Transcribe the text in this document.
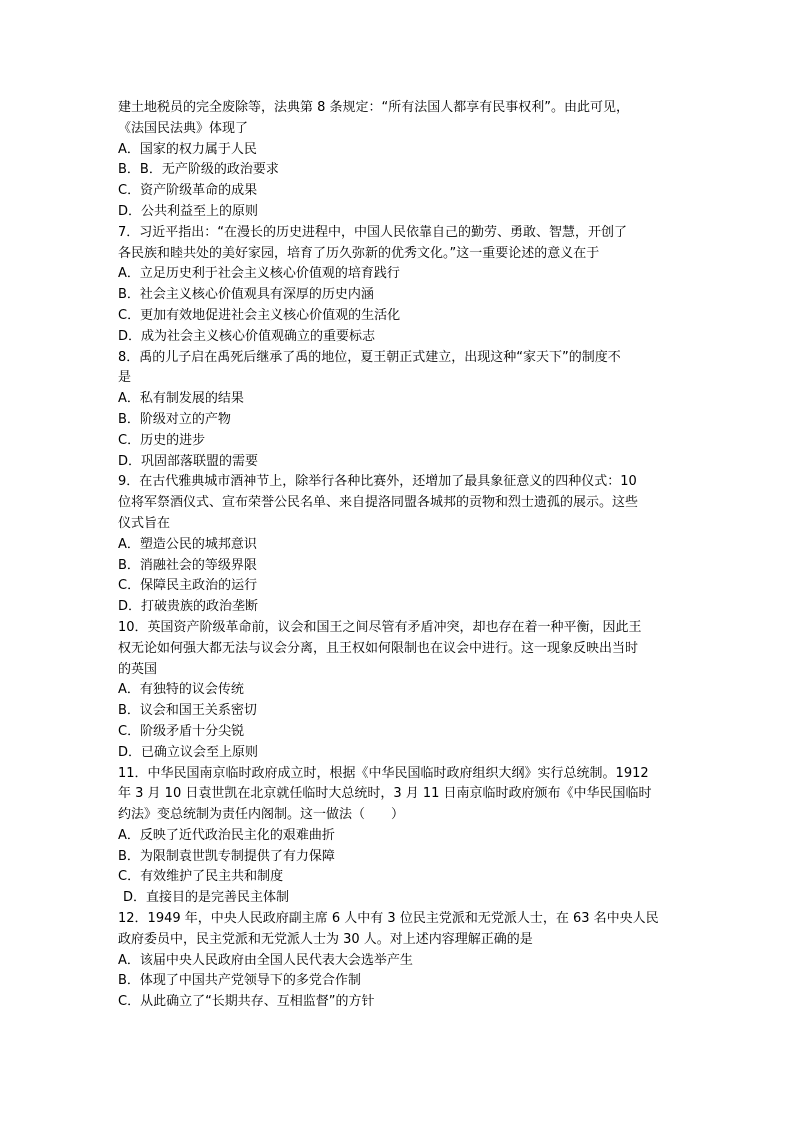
建土地税员的完全废除等，法典第 8 条规定：“所有法国人都享有民事权利”。由此可见，
《法国民法典》体现了
A．国家的权力属于人民
B．B．无产阶级的政治要求
C．资产阶级革命的成果
D．公共利益至上的原则
7．习近平指出：“在漫长的历史进程中，中国人民依靠自己的勤劳、勇敢、智慧，开创了
各民族和睦共处的美好家园，培育了历久弥新的优秀文化。”这一重要论述的意义在于
A．立足历史利于社会主义核心价值观的培育践行
B．社会主义核心价值观具有深厚的历史内涵
C．更加有效地促进社会主义核心价值观的生活化
D．成为社会主义核心价值观确立的重要标志
8．禹的儿子启在禹死后继承了禹的地位，夏王朝正式建立，出现这种“家天下”的制度不
是
A．私有制发展的结果
B．阶级对立的产物
C．历史的进步
D．巩固部落联盟的需要
9．在古代雅典城市酒神节上，除举行各种比赛外，还增加了最具象征意义的四种仪式：10
位将军祭酒仪式、宣布荣誉公民名单、来自提洛同盟各城邦的贡物和烈士遗孤的展示。这些
仪式旨在
A．塑造公民的城邦意识
B．消融社会的等级界限
C．保障民主政治的运行
D．打破贵族的政治垄断
10．英国资产阶级革命前，议会和国王之间尽管有矛盾冲突，却也存在着一种平衡，因此王
权无论如何强大都无法与议会分离，且王权如何限制也在议会中进行。这一现象反映出当时
的英国
A．有独特的议会传统
B．议会和国王关系密切
C．阶级矛盾十分尖锐
D．已确立议会至上原则
11．中华民国南京临时政府成立时，根据《中华民国临时政府组织大纲》实行总统制。1912
年 3 月 10 日袁世凯在北京就任临时大总统时，3 月 11 日南京临时政府颁布《中华民国临时
约法》变总统制为责任内阁制。这一做法（　　）
A．反映了近代政治民主化的艰难曲折
B．为限制袁世凯专制提供了有力保障
C．有效维护了民主共和制度
D．直接目的是完善民主体制
12．1949 年，中央人民政府副主席 6 人中有 3 位民主党派和无党派人士，在 63 名中央人民
政府委员中，民主党派和无党派人士为 30 人。对上述内容理解正确的是
A．该届中央人民政府由全国人民代表大会选举产生
B．体现了中国共产党领导下的多党合作制
C．从此确立了“长期共存、互相监督”的方针
